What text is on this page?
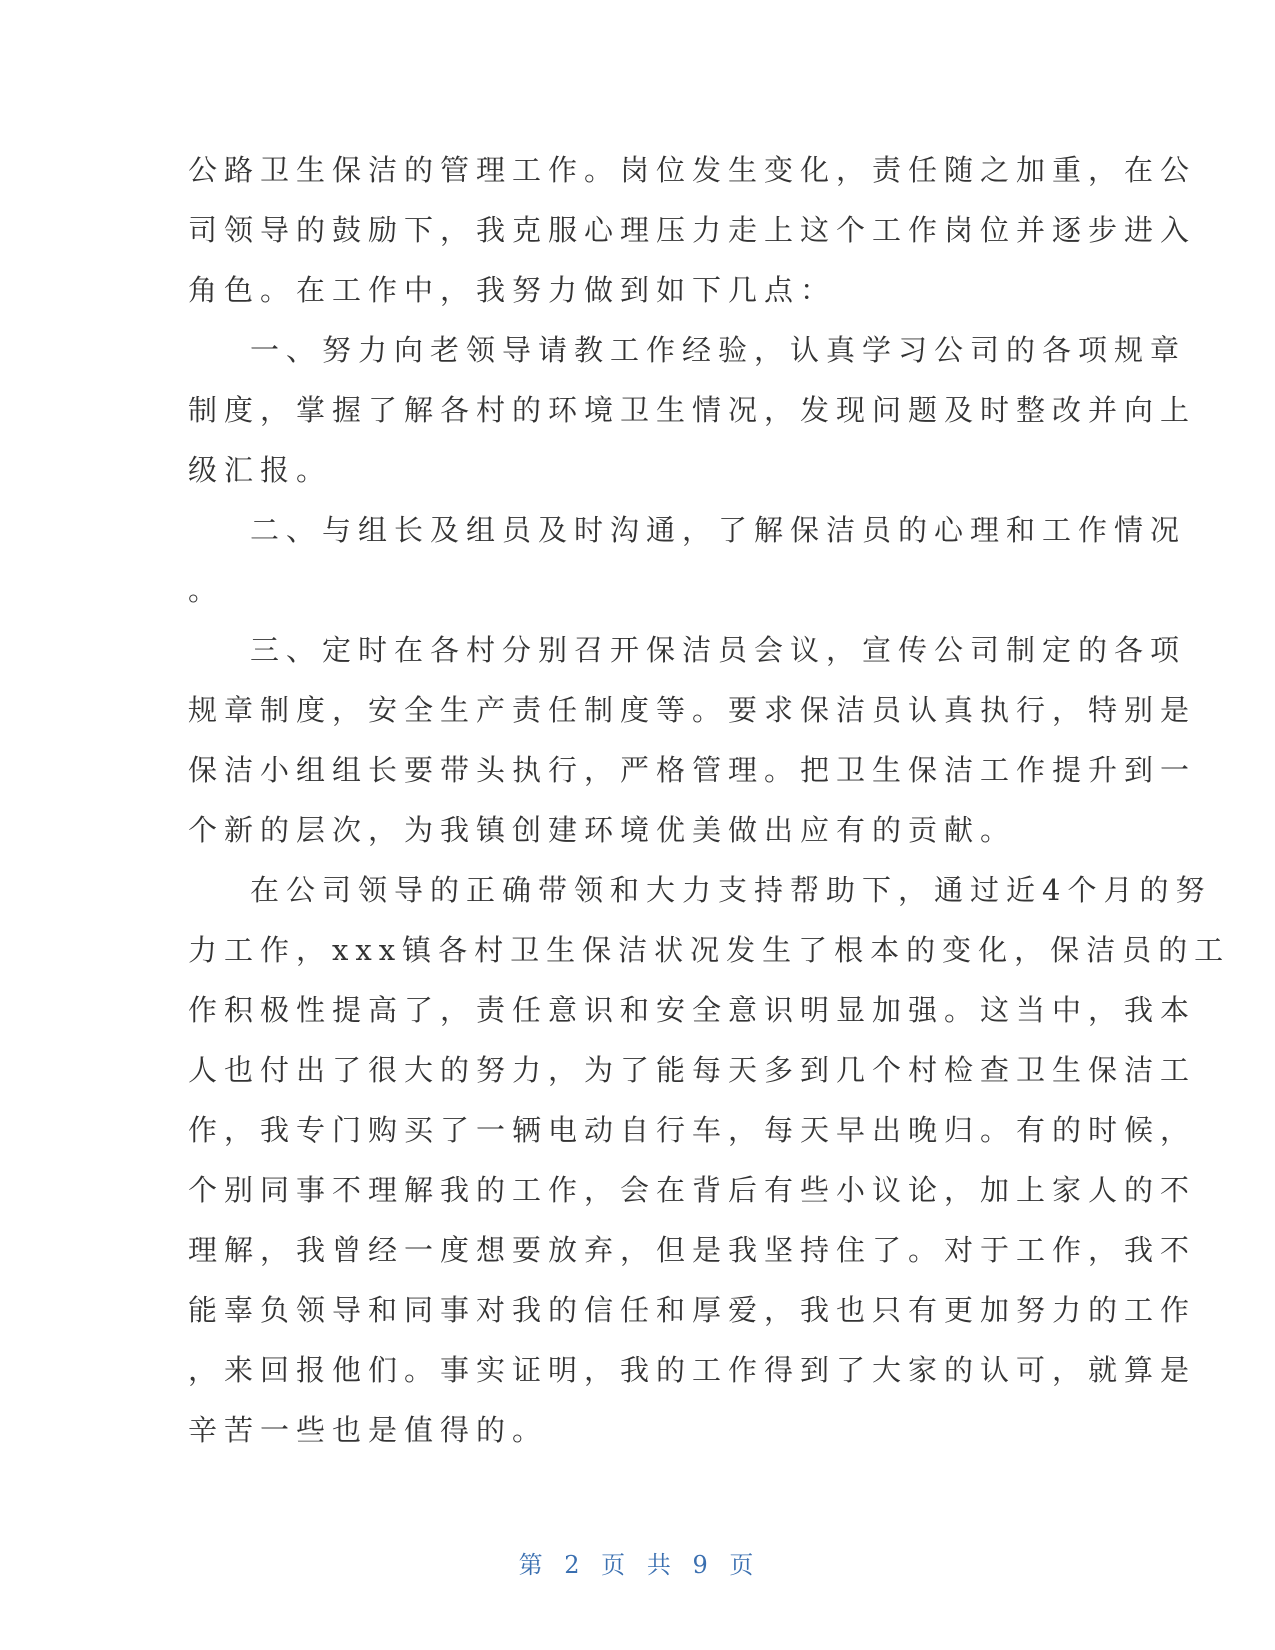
公路卫生保洁的管理工作。岗位发生变化，责任随之加重，在公
司领导的鼓励下，我克服心理压力走上这个工作岗位并逐步进入
角色。在工作中，我努力做到如下几点：
一、努力向老领导请教工作经验，认真学习公司的各项规章
制度，掌握了解各村的环境卫生情况，发现问题及时整改并向上
级汇报。
二、与组长及组员及时沟通，了解保洁员的心理和工作情况
。
三、定时在各村分别召开保洁员会议，宣传公司制定的各项
规章制度，安全生产责任制度等。要求保洁员认真执行，特别是
保洁小组组长要带头执行，严格管理。把卫生保洁工作提升到一
个新的层次，为我镇创建环境优美做出应有的贡献。
在公司领导的正确带领和大力支持帮助下，通过近4个月的努
力工作，xxx镇各村卫生保洁状况发生了根本的变化，保洁员的工
作积极性提高了，责任意识和安全意识明显加强。这当中，我本
人也付出了很大的努力，为了能每天多到几个村检查卫生保洁工
作，我专门购买了一辆电动自行车，每天早出晚归。有的时候，
个别同事不理解我的工作，会在背后有些小议论，加上家人的不
理解，我曾经一度想要放弃，但是我坚持住了。对于工作，我不
能辜负领导和同事对我的信任和厚爱，我也只有更加努力的工作
，来回报他们。事实证明，我的工作得到了大家的认可，就算是
辛苦一些也是值得的。
第 2 页 共 9 页
